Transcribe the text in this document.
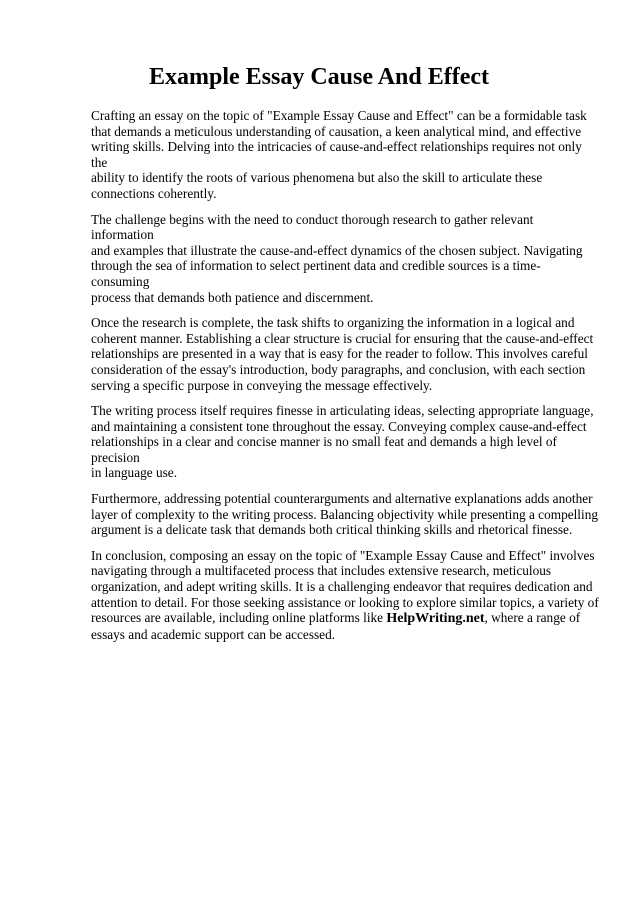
Example Essay Cause And Effect

Crafting an essay on the topic of "Example Essay Cause and Effect" can be a formidable task
that demands a meticulous understanding of causation, a keen analytical mind, and effective
writing skills. Delving into the intricacies of cause-and-effect relationships requires not only the
ability to identify the roots of various phenomena but also the skill to articulate these
connections coherently.

The challenge begins with the need to conduct thorough research to gather relevant information
and examples that illustrate the cause-and-effect dynamics of the chosen subject. Navigating
through the sea of information to select pertinent data and credible sources is a time-consuming
process that demands both patience and discernment.

Once the research is complete, the task shifts to organizing the information in a logical and
coherent manner. Establishing a clear structure is crucial for ensuring that the cause-and-effect
relationships are presented in a way that is easy for the reader to follow. This involves careful
consideration of the essay's introduction, body paragraphs, and conclusion, with each section
serving a specific purpose in conveying the message effectively.

The writing process itself requires finesse in articulating ideas, selecting appropriate language,
and maintaining a consistent tone throughout the essay. Conveying complex cause-and-effect
relationships in a clear and concise manner is no small feat and demands a high level of precision
in language use.

Furthermore, addressing potential counterarguments and alternative explanations adds another
layer of complexity to the writing process. Balancing objectivity while presenting a compelling
argument is a delicate task that demands both critical thinking skills and rhetorical finesse.

In conclusion, composing an essay on the topic of "Example Essay Cause and Effect" involves
navigating through a multifaceted process that includes extensive research, meticulous
organization, and adept writing skills. It is a challenging endeavor that requires dedication and
attention to detail. For those seeking assistance or looking to explore similar topics, a variety of
resources are available, including online platforms like HelpWriting.net, where a range of
essays and academic support can be accessed.
